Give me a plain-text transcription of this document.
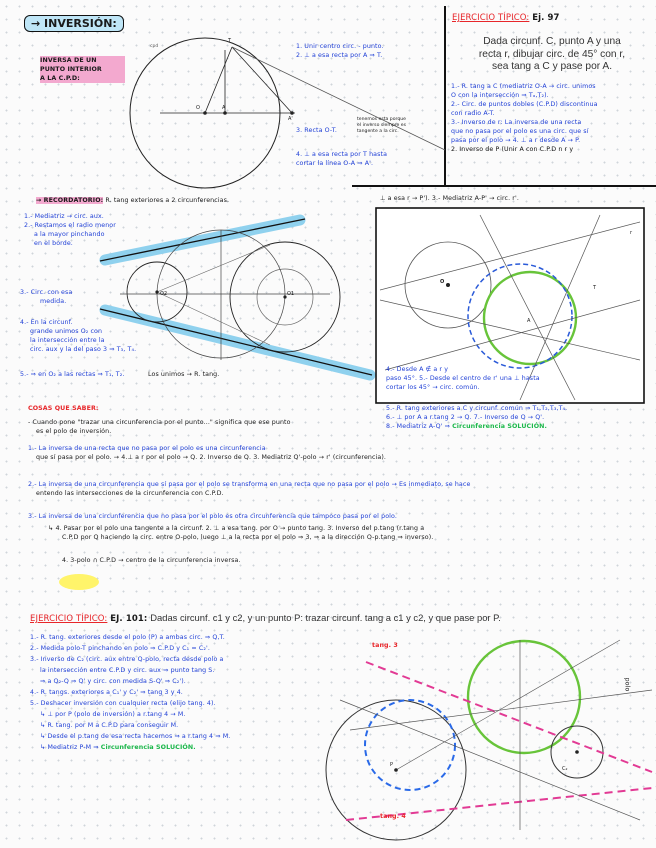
→ INVERSIÓN:
INVERSA DE UN
PUNTO INTERIOR
A LA C.P.D:
1. Unir centro circ. - punto.
2. ⊥ a esa recta por A ⇒ T.
3. Recta O-T.
tenemos esta porque
el inverso siempre es
tangente a la circ.
4. ⊥ a esa recta por T hasta
cortar la línea O-A ⇒ A'.
T
O	A
A'
cpd
EJERCICIO TÍPICO: Ej. 97
Dada circunf. C, punto A y una
recta r, dibujar circ. de 45° con r,
sea tang a C y pase por A.
1.- R. tang a C (mediatriz O-A → circ. unimos
O con la intersección ⇒ Tₐ,T₂).
2.- Circ. de puntos dobles (C.P.D) discontinua
con radio A-T.
3.- Inverso de r: La inversa de una recta
que no pasa por el polo es una circ. que sí
pasa por el polo → 4. ⊥ a r desde A → P.
2. Inverso de P (Unir A con C.P.D n r y
⊥ a esa r → P'). 3.- Mediatriz A-P' → circ. r'.
4.- Desde A ∉ a r y
paso 45°. 5.- Desde el centro de r' una ⊥ hasta
cortar los 45° → circ. común.
5.- R. tang exteriores a C y circunf. común ⇒ T₁,T₂,T₃,T₄.
6.- ⊥ por A a r.tang 2 → Q. 7.- Inverso de Q → Q'.
8.- Mediatriz A-Q' ⇒ Circunferencia SOLUCIÓN.
O
A
r
T
→ RECORDATORIO: R. tang exteriores a 2 circunferencias.
1.- Mediatriz → circ. aux.
2.- Restamos el radio menor
a la mayor pinchando
en el borde.
3.- Circ. con esa
medida.
4.- En la circunf.
grande unimos O₂ con
la intersección entre la
circ. aux y la del paso 3 ⇒ T₃, T₄.
5.- ⇒ en O₂ a las rectas ⇒ T₁, T₂.	Los unimos → R. tang.
O2	O1
COSAS QUE SABER:
- Cuando pone "trazar una circunferencia por el punto..." significa que ese punto
es el polo de inversión.
1.- La inversa de una recta que no pasa por el polo es una circunferencia
que sí pasa por el polo. → 4.⊥ a r por el polo → Q. 2. Inverso de Q. 3. Mediatriz Q'-polo → r' (circunferencia).
2.- La inversa de una circunferencia que sí pasa por el polo se transforma en una recta que no pasa por el polo → Es inmediato, se hace
entendo las intersecciones de la circunferencia con C.P.D.
3.- La inversa de una circunferencia que no pasa por el polo es otra circunferencia que tampoco pasa por el polo.
↳ 4. Pasar por el polo una tangente a la circunf. 2. ⊥ a esa tang. por O → punto tang. 3. Inverso del p.tang (r.tang a
C.P.D por Q haciendo la circ. entre O-polo, luego ⊥ a la recta por el polo ⇒ 3, ⇒ a la dirección O-p.tang ⇒ inverso).
4. 3-polo ∩ C.P.D → centro de la circunferencia inversa.
EJERCICIO TÍPICO: EJ. 101: Dadas circunf. c1 y c2, y un punto P: trazar circunf. tang a c1 y c2, y que pase por P.
1.- R. tang. exteriores desde el polo (P) a ambas circ. ⇒ Q,T.
2.- Medida polo-T pinchando en polo ⇒ C.P.D y C₁ = C₂'.
3.- Inverso de C₂ (circ. aux entre Q-polo, recta desde polo a
la intersección entre C.P.D y circ. aux ⇒ punto tang S.
⇒ a Q₂-Q ⇒ Q' y circ. con medida S-Q' ⇒ C₂').
4.- R. tangs. exteriores a C₁' y C₂' ⇒ tang 3 y 4.
5.- Deshacer inversión con cualquier recta (elijo tang. 4).
↳ ⊥ por P (polo de inversión) a r.tang 4 → M.
↳ R. tang. por M a C.P.D para conseguir M.
↳ Desde el p.tang de esa recta hacemos ⇒ a r.tang 4 ⇒ M.
↳ Mediatriz P-M ⇒ Circunferencia SOLUCIÓN.
tang. 3
tang. 4
polo
C₂
P
